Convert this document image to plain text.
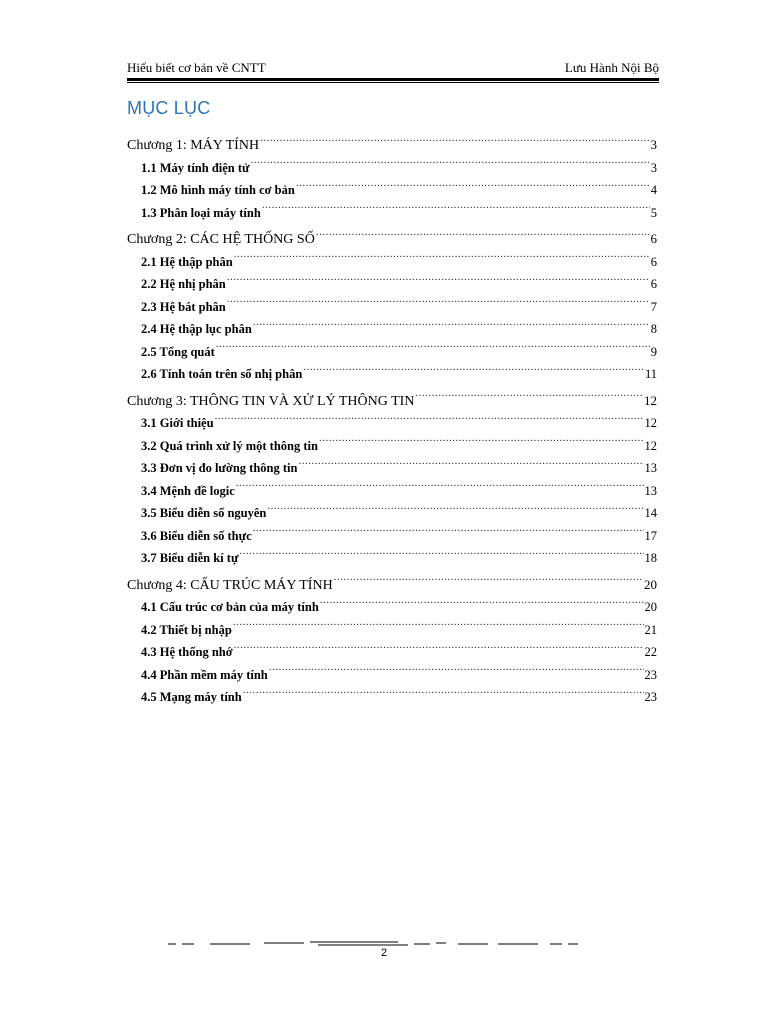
Hiểu biết cơ bản về CNTT	Lưu Hành Nội Bộ
MỤC LỤC
Chương 1: MÁY TÍNH .....	3
1.1 Máy tính điện tử .....	3
1.2 Mô hình máy tính cơ bản .....	4
1.3 Phân loại máy tính .....	5
Chương 2: CÁC HỆ THỐNG SỐ .....	6
2.1 Hệ thập phân .....	6
2.2 Hệ nhị phân .....	6
2.3 Hệ bát phân .....	7
2.4 Hệ thập lục phân .....	8
2.5 Tổng quát .....	9
2.6 Tính toán trên số nhị phân .....	11
Chương 3: THÔNG TIN VÀ XỬ LÝ THÔNG TIN .....	12
3.1 Giới thiệu .....	12
3.2 Quá trình xử lý một thông tin .....	12
3.3 Đơn vị đo lường thông tin .....	13
3.4 Mệnh đề logic .....	13
3.5 Biểu diễn số nguyên .....	14
3.6 Biểu diễn số thực .....	17
3.7 Biểu diễn kí tự .....	18
Chương 4: CẤU TRÚC MÁY TÍNH .....	20
4.1 Cấu trúc cơ bản của máy tính .....	20
4.2 Thiết bị nhập .....	21
4.3 Hệ thống nhớ .....	22
4.4 Phần mềm máy tính .....	23
4.5 Mạng máy tính .....	23
2
